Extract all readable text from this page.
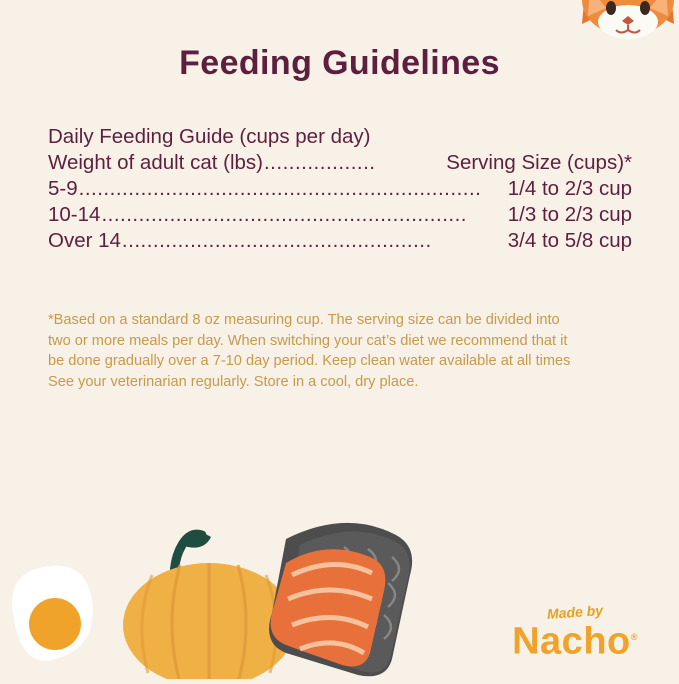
Feeding Guidelines
Daily Feeding Guide (cups per day)
Weight of adult cat (lbs) ..................	Serving Size (cups)*
5-9 .................................................................	1/4 to 2/3 cup
10-14 ...........................................................	1/3 to 2/3 cup
Over 14 ..................................................	3/4 to 5/8 cup

*Based on a standard 8 oz measuring cup. The serving size can be divided into

two or more meals per day. When switching your cat’s diet we recommend that it

be done gradually over a 7-10 day period. Keep clean water available at all times

See your veterinarian regularly. Store in a cool, dry place.

Made by
Nacho®
